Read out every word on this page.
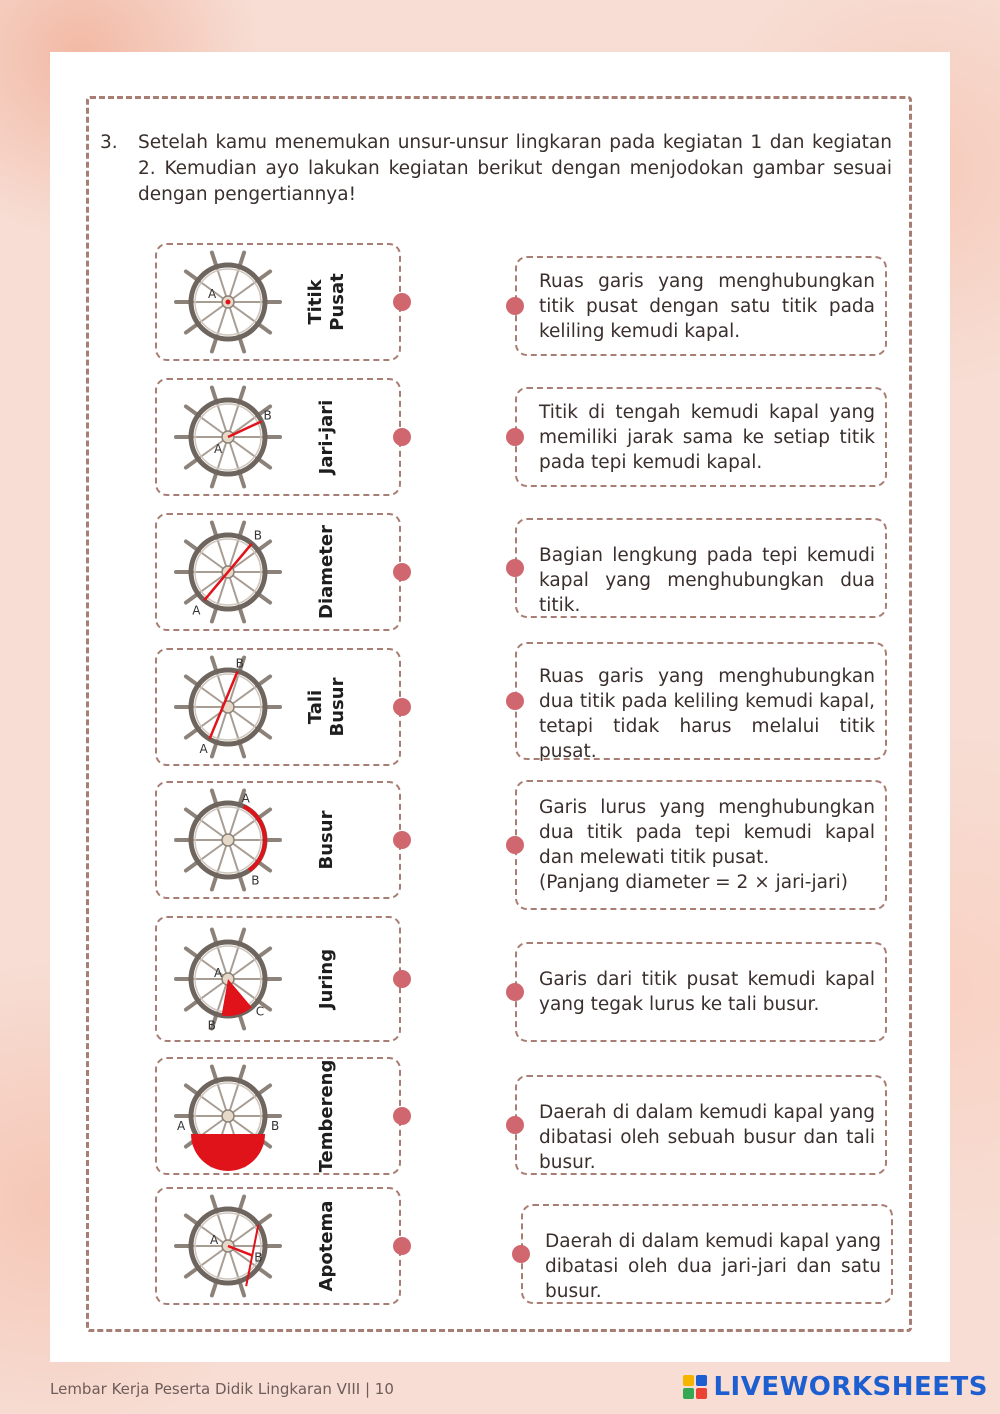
3.	Setelah kamu menemukan unsur-unsur lingkaran pada kegiatan 1 dan kegiatan 2. Kemudian ayo lakukan kegiatan berikut dengan menjodokan gambar sesuai dengan pengertiannya!
A	Titik
Pusat
A
B Jari-jari
A
B	Diameter
A
B
Tali
Busur
A
B
Busur
A
B
C
Juring
A	B Tembereng
A
B	Apotema
Ruas garis yang menghubungkan titik pusat dengan satu titik pada keliling kemudi kapal.
Titik di tengah kemudi kapal yang memiliki jarak sama ke setiap titik pada tepi kemudi kapal.
Bagian lengkung pada tepi kemudi kapal yang menghubungkan dua titik.
Ruas garis yang menghubungkan dua titik pada keliling kemudi kapal, tetapi tidak harus melalui titik pusat.
Garis lurus yang menghubungkan dua titik pada tepi kemudi kapal dan melewati titik pusat.
(Panjang diameter = 2 × jari-jari)
Garis dari titik pusat kemudi kapal yang tegak lurus ke tali busur.
Daerah di dalam kemudi kapal yang dibatasi oleh sebuah busur dan tali busur.
Daerah di dalam kemudi kapal yang dibatasi oleh dua jari-jari dan satu busur.
Lembar Kerja Peserta Didik Lingkaran VIII | 10	LIVEWORKSHEETS
